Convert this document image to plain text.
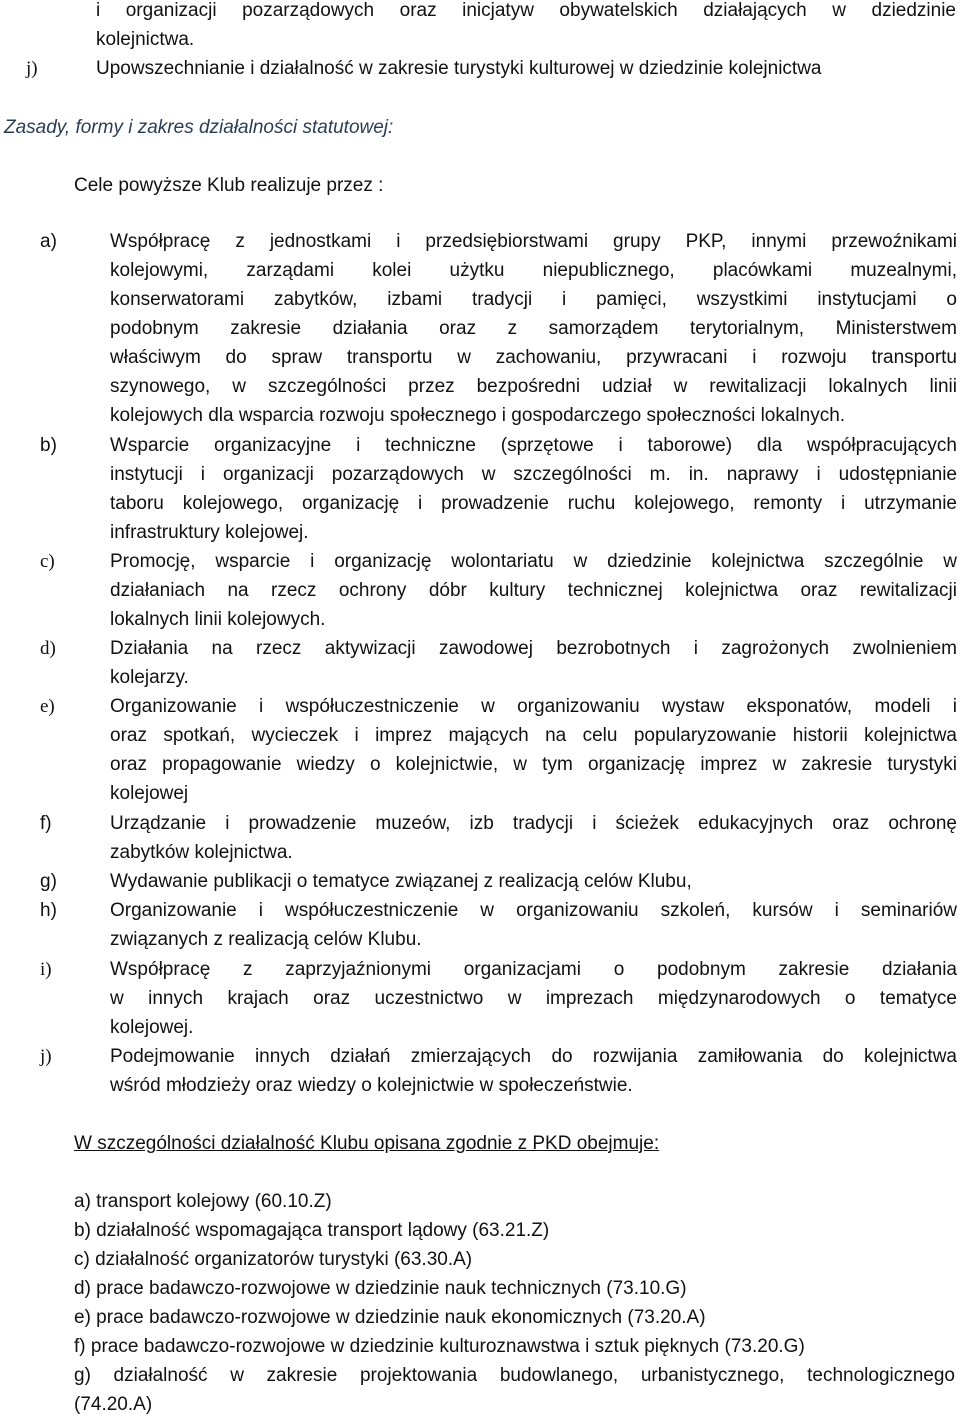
i organizacji pozarządowych oraz inicjatyw obywatelskich działających w dziedzinie
kolejnictwa.
j)	Upowszechnianie i działalność w zakresie turystyki kulturowej w dziedzinie kolejnictwa
Zasady, formy i zakres działalności statutowej:
Cele powyższe Klub realizuje przez :
a)	Współpracę z jednostkami i przedsiębiorstwami grupy PKP, innymi przewoźnikami
kolejowymi, zarządami kolei użytku niepublicznego, placówkami muzealnymi,
konserwatorami zabytków, izbami tradycji i pamięci, wszystkimi instytucjami o
podobnym zakresie działania oraz z samorządem terytorialnym, Ministerstwem
właściwym do spraw transportu w zachowaniu, przywracani i rozwoju transportu
szynowego, w szczególności przez bezpośredni udział w rewitalizacji lokalnych linii
kolejowych dla wsparcia rozwoju społecznego i gospodarczego społeczności lokalnych.
b)	Wsparcie organizacyjne i techniczne (sprzętowe i taborowe) dla współpracujących
instytucji i organizacji pozarządowych w szczególności m. in. naprawy i udostępnianie
taboru kolejowego, organizację i prowadzenie ruchu kolejowego, remonty i utrzymanie
infrastruktury kolejowej.
c)	Promocję, wsparcie i organizację wolontariatu w dziedzinie kolejnictwa szczególnie w
działaniach na rzecz ochrony dóbr kultury technicznej kolejnictwa oraz rewitalizacji
lokalnych linii kolejowych.
d)	Działania na rzecz aktywizacji zawodowej bezrobotnych i zagrożonych zwolnieniem
kolejarzy.
e)	Organizowanie i współuczestniczenie w organizowaniu wystaw eksponatów, modeli i
oraz spotkań, wycieczek i imprez mających na celu popularyzowanie historii kolejnictwa
oraz propagowanie wiedzy o kolejnictwie, w tym organizację imprez w zakresie turystyki
kolejowej
f)	Urządzanie i prowadzenie muzeów, izb tradycji i ścieżek edukacyjnych oraz ochronę
zabytków kolejnictwa.
g)	Wydawanie publikacji o tematyce związanej z realizacją celów Klubu,
h)	Organizowanie i współuczestniczenie w organizowaniu szkoleń, kursów i seminariów
związanych z realizacją celów Klubu.
i)	Współpracę z zaprzyjaźnionymi organizacjami o podobnym zakresie działania
w innych krajach oraz uczestnictwo w imprezach międzynarodowych o tematyce
kolejowej.
j)	Podejmowanie innych działań zmierzających do rozwijania zamiłowania do kolejnictwa
wśród młodzieży oraz wiedzy o kolejnictwie w społeczeństwie.
W szczególności działalność Klubu opisana zgodnie z PKD obejmuje:
a) transport kolejowy (60.10.Z)
b) działalność wspomagająca transport lądowy (63.21.Z)
c) działalność organizatorów turystyki (63.30.A)
d) prace badawczo-rozwojowe w dziedzinie nauk technicznych (73.10.G)
e) prace badawczo-rozwojowe w dziedzinie nauk ekonomicznych (73.20.A)
f) prace badawczo-rozwojowe w dziedzinie kulturoznawstwa i sztuk pięknych (73.20.G)
g) działalność w zakresie projektowania budowlanego, urbanistycznego, technologicznego
(74.20.A)
